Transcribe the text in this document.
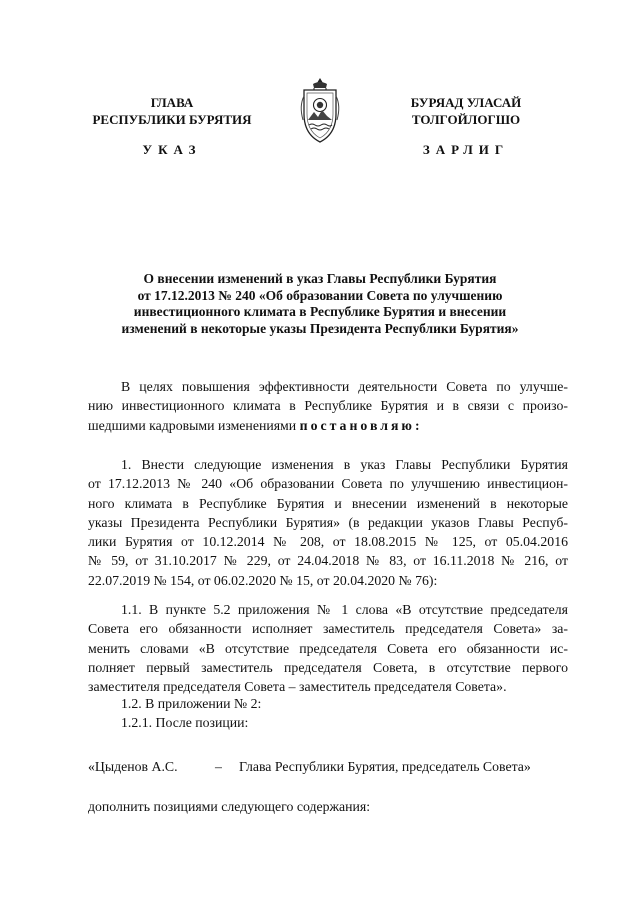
ГЛАВА
РЕСПУБЛИКИ БУРЯТИЯ
УКАЗ
БУРЯАД УЛАСАЙ
ТОЛГОЙЛОГШО
ЗАРЛИГ
О внесении изменений в указ Главы Республики Бурятия
от 17.12.2013 № 240 «Об образовании Совета по улучшению
инвестиционного климата в Республике Бурятия и внесении
изменений в некоторые указы Президента Республики Бурятия»
В целях повышения эффективности деятельности Совета по улучше-
нию инвестиционного климата в Республике Бурятия и в связи с произо-
шедшими кадровыми изменениями постановляю:
1. Внести следующие изменения в указ Главы Республики Бурятия
от 17.12.2013 № 240 «Об образовании Совета по улучшению инвестицион-
ного климата в Республике Бурятия и внесении изменений в некоторые
указы Президента Республики Бурятия» (в редакции указов Главы Респуб-
лики Бурятия от 10.12.2014 № 208, от 18.08.2015 № 125, от 05.04.2016
№ 59, от 31.10.2017 № 229, от 24.04.2018 № 83, от 16.11.2018 № 216, от
22.07.2019 № 154, от 06.02.2020 № 15, от 20.04.2020 № 76):
1.1. В пункте 5.2 приложения № 1 слова «В отсутствие председателя
Совета его обязанности исполняет заместитель председателя Совета» за-
менить словами «В отсутствие председателя Совета его обязанности ис-
полняет первый заместитель председателя Совета, в отсутствие первого
заместителя председателя Совета – заместитель председателя Совета».
1.2. В приложении № 2:
1.2.1. После позиции:
«Цыденов А.С.	– Глава Республики Бурятия, председатель Совета»
дополнить позициями следующего содержания:
